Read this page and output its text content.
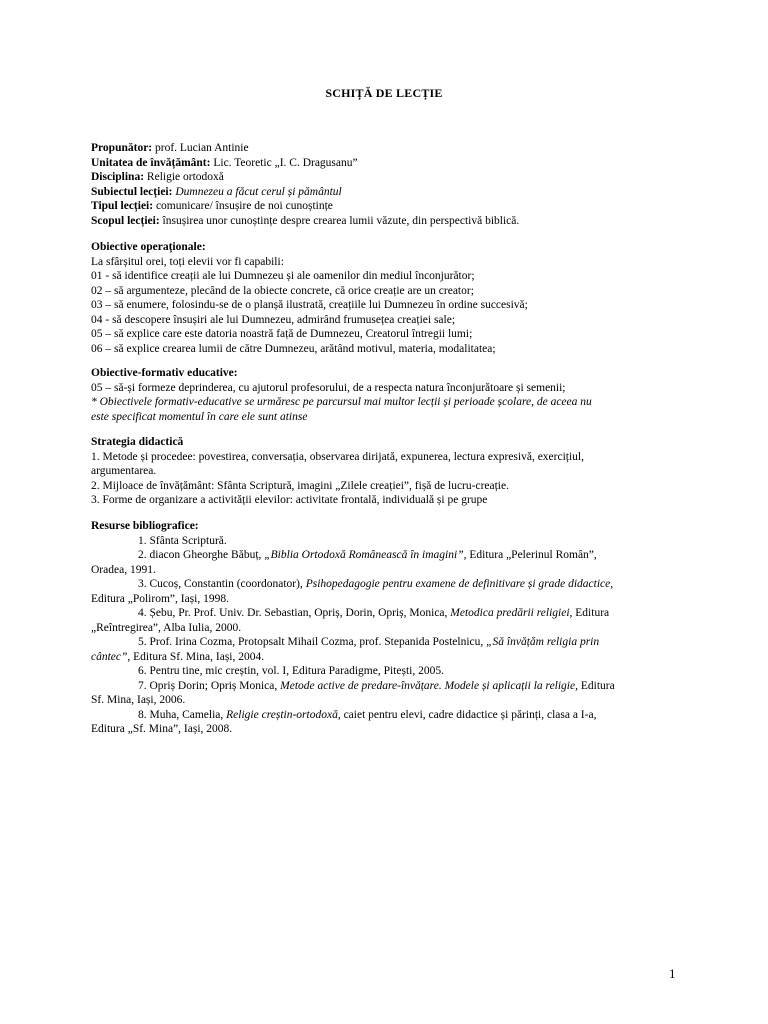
SCHIȚĂ DE LECȚIE
Propunător: prof. Lucian Antinie
Unitatea de învățământ: Lic. Teoretic „I. C. Dragusanu”
Disciplina: Religie ortodoxă
Subiectul lecției: Dumnezeu a făcut cerul și pământul
Tipul lecției: comunicare/ însușire de noi cunoștințe
Scopul lecției: însușirea unor cunoștințe despre crearea lumii văzute, din perspectivă biblică.
Obiective operaționale:
La sfârșitul orei, toți elevii vor fi capabili:
01 - să identifice creații ale lui Dumnezeu și ale oamenilor din mediul înconjurător;
02 – să argumenteze, plecând de la obiecte concrete, că orice creație are un creator;
03 – să enumere, folosindu-se de o planșă ilustrată, creațiile lui Dumnezeu în ordine succesivă;
04 - să descopere însușiri ale lui Dumnezeu, admirând frumusețea creației sale;
05 – să explice care este datoria noastră față de Dumnezeu, Creatorul întregii lumi;
06 – să explice crearea lumii de către Dumnezeu, arătând motivul, materia, modalitatea;
Obiective-formativ educative:
05 – să-și formeze deprinderea, cu ajutorul profesorului, de a respecta natura înconjurătoare și semenii;
* Obiectivele formativ-educative se urmăresc pe parcursul mai multor lecții și perioade școlare, de aceea nu
este specificat momentul în care ele sunt atinse
Strategia didactică
1. Metode și procedee: povestirea, conversația, observarea dirijată, expunerea, lectura expresivă, exercițiul,
argumentarea.
2. Mijloace de învățământ: Sfânta Scriptură, imagini „Zilele creației”, fișă de lucru-creație.
3. Forme de organizare a activității elevilor: activitate frontală, individuală și pe grupe
Resurse bibliografice:
1. Sfânta Scriptură.
2. diacon Gheorghe Băbuț, „Biblia Ortodoxă Românească în imagini”, Editura „Pelerinul Român”,
Oradea, 1991.
3. Cucoș, Constantin (coordonator), Psihopedagogie pentru examene de definitivare și grade didactice,
Editura „Polirom”, Iași, 1998.
4. Șebu, Pr. Prof. Univ. Dr. Sebastian, Opriș, Dorin, Opriș, Monica, Metodica predării religiei, Editura
„Reîntregirea”, Alba Iulia, 2000.
5. Prof. Irina Cozma, Protopsalt Mihail Cozma, prof. Stepanida Postelnicu, „Să învățăm religia prin
cântec”, Editura Sf. Mina, Iași, 2004.
6. Pentru tine, mic creștin, vol. I, Editura Paradigme, Pitești, 2005.
7. Opriș Dorin; Opriș Monica, Metode active de predare-învățare. Modele și aplicații la religie, Editura
Sf. Mina, Iași, 2006.
8. Muha, Camelia, Religie creștin-ortodoxă, caiet pentru elevi, cadre didactice și părinți, clasa a I-a,
Editura „Sf. Mina”, Iași, 2008.
1
